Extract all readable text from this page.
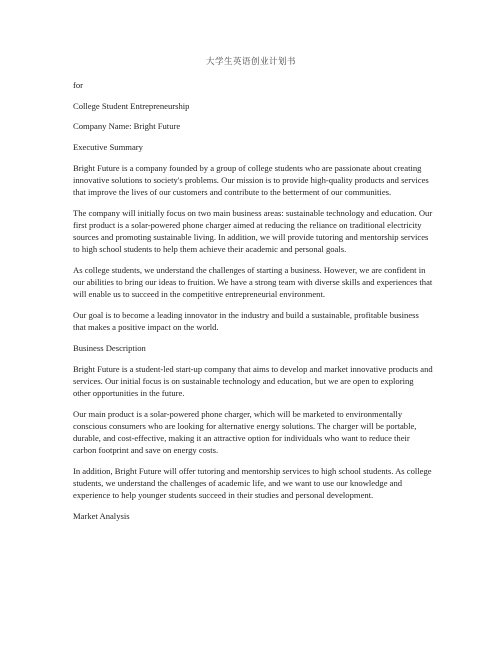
大学生英语创业计划书

for

College Student Entrepreneurship

Company Name: Bright Future

Executive Summary

Bright Future is a company founded by a group of college students who are passionate about creating innovative solutions to society's problems. Our mission is to provide high-quality products and services that improve the lives of our customers and contribute to the betterment of our communities.

The company will initially focus on two main business areas: sustainable technology and education. Our first product is a solar-powered phone charger aimed at reducing the reliance on traditional electricity sources and promoting sustainable living. In addition, we will provide tutoring and mentorship services to high school students to help them achieve their academic and personal goals.

As college students, we understand the challenges of starting a business. However, we are confident in our abilities to bring our ideas to fruition. We have a strong team with diverse skills and experiences that will enable us to succeed in the competitive entrepreneurial environment.

Our goal is to become a leading innovator in the industry and build a sustainable, profitable business that makes a positive impact on the world.

Business Description

Bright Future is a student-led start-up company that aims to develop and market innovative products and services. Our initial focus is on sustainable technology and education, but we are open to exploring other opportunities in the future.

Our main product is a solar-powered phone charger, which will be marketed to environmentally conscious consumers who are looking for alternative energy solutions. The charger will be portable, durable, and cost-effective, making it an attractive option for individuals who want to reduce their carbon footprint and save on energy costs.

In addition, Bright Future will offer tutoring and mentorship services to high school students. As college students, we understand the challenges of academic life, and we want to use our knowledge and experience to help younger students succeed in their studies and personal development.

Market Analysis
